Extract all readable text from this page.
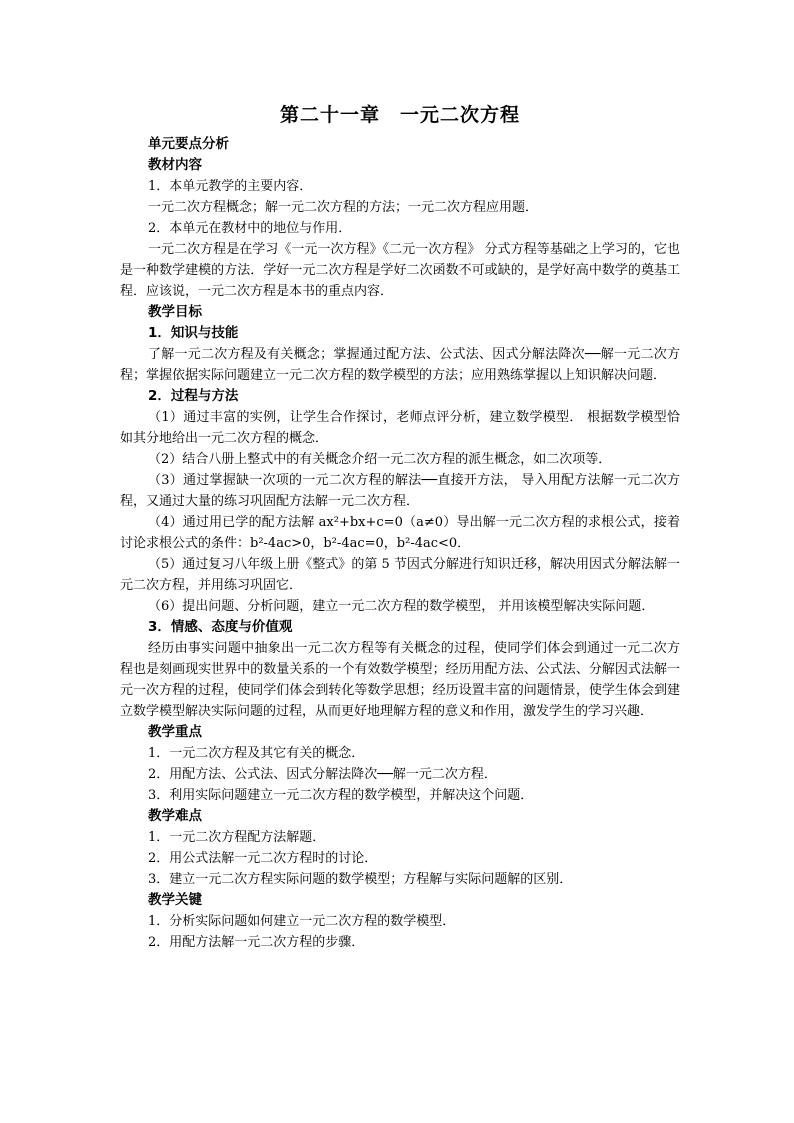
第二十一章　一元二次方程
单元要点分析
教材内容

1．本单元教学的主要内容．

一元二次方程概念；解一元二次方程的方法；一元二次方程应用题．

2．本单元在教材中的地位与作用．

一元二次方程是在学习《一元一次方程》《二元一次方程》 分式方程等基础之上学习的，它也是一种数学建模的方法．学好一元二次方程是学好二次函数不可或缺的，是学好高中数学的奠基工程．应该说，一元二次方程是本书的重点内容．

教学目标
1．知识与技能

了解一元二次方程及有关概念；掌握通过配方法、公式法、因式分解法降次──解一元二次方程；掌握依据实际问题建立一元二次方程的数学模型的方法；应用熟练掌握以上知识解决问题．

2．过程与方法

（1）通过丰富的实例，让学生合作探讨，老师点评分析，建立数学模型． 根据数学模型恰如其分地给出一元二次方程的概念．

（2）结合八册上整式中的有关概念介绍一元二次方程的派生概念，如二次项等．

（3）通过掌握缺一次项的一元二次方程的解法──直接开方法， 导入用配方法解一元二次方程，又通过大量的练习巩固配方法解一元二次方程．

（4）通过用已学的配方法解 ax²+bx+c=0（a≠0）导出解一元二次方程的求根公式，接着讨论求根公式的条件：b²-4ac>0，b²-4ac=0，b²-4ac<0．

（5）通过复习八年级上册《整式》的第 5 节因式分解进行知识迁移，解决用因式分解法解一元二次方程，并用练习巩固它．

（6）提出问题、分析问题，建立一元二次方程的数学模型， 并用该模型解决实际问题．

3．情感、态度与价值观

经历由事实问题中抽象出一元二次方程等有关概念的过程，使同学们体会到通过一元二次方程也是刻画现实世界中的数量关系的一个有效数学模型；经历用配方法、公式法、分解因式法解一元一次方程的过程，使同学们体会到转化等数学思想；经历设置丰富的问题情景，使学生体会到建立数学模型解决实际问题的过程，从而更好地理解方程的意义和作用，激发学生的学习兴趣．

教学重点

1．一元二次方程及其它有关的概念．

2．用配方法、公式法、因式分解法降次──解一元二次方程．

3．利用实际问题建立一元二次方程的数学模型，并解决这个问题．

教学难点

1．一元二次方程配方法解题．

2．用公式法解一元二次方程时的讨论．

3．建立一元二次方程实际问题的数学模型；方程解与实际问题解的区别．

教学关键

1．分析实际问题如何建立一元二次方程的数学模型．

2．用配方法解一元二次方程的步骤．
